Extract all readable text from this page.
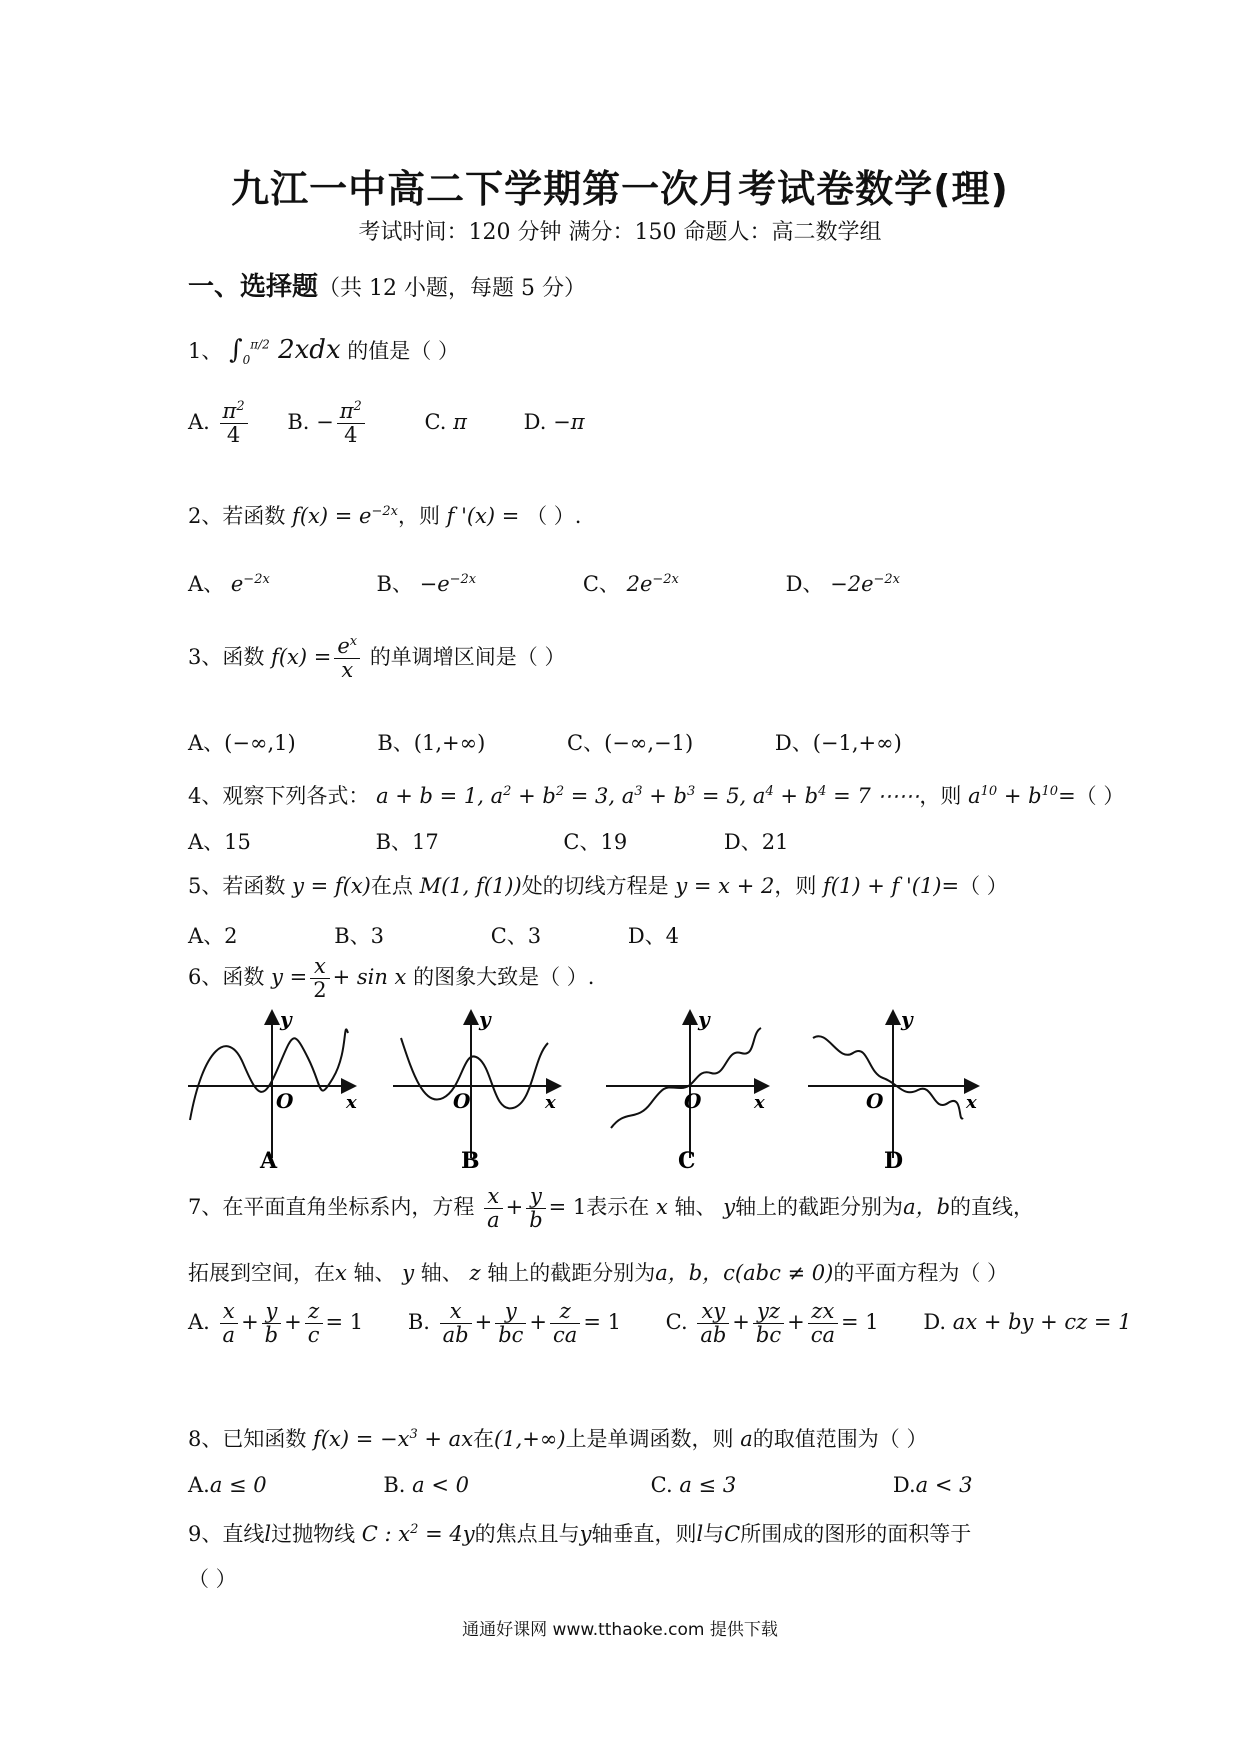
九江一中高二下学期第一次月考试卷数学(理)
考试时间：120 分钟 满分：150 命题人：高二数学组
一、选择题（共 12 小题，每题 5 分）
1、 $\int_0^{\pi/2}$ 2xdx 的值是（ ）
A. $\frac{\pi^2}{4} B$. − $\frac{\pi^2}{4}$	C. π	D. −π
2、若函数 $f(x) = e^{-2x}$，则 f '(x) = （ ）.
A、 $e^{-2x}$	B、 $-e^{-2x}$	C、 $2e^{-2x}$	D、 $-2e^{-2x}$
3、函数 $f(x) = \frac{e^x}{x}$ 的单调增区间是（ ）
A、(−∞,1)	B、(1,+∞)	C、(−∞,−1)	D、(−1,+∞)
4、观察下列各式： a + b = 1, $a^2 + b^2 = 3$, $a^3 + b^3 = 5$, $a^4 + b^4 = 7$ ⋯⋯，则 $a^{10} + b^{10}=$（ ）
A、15	B、17	C、19	D、21
5、若函数 y = f(x)在点 M(1, f(1))处的切线方程是 y = x + 2，则 f(1) + f '(1)=（ ）
A、2	B、3	C、3	D、4
6、函数 $y = \frac{x}{2} + \sin x$ 的图象大致是（ ）.
y
O	x
A
y
O	x
B
y
O	x
C
y
O	x
D
7、在平面直角坐标系内，方程 $\frac{x}{a} + \frac{y}{b} = 1$表示在 x 轴、 y轴上的截距分别为a，b的直线，
拓展到空间，在x 轴、 y 轴、 z 轴上的截距分别为a，b，c(abc ≠ 0)的平面方程为（ ）
A. $\frac{x}{a} + \frac{y}{b} + \frac{z}{c} = 1$ B. $\frac{x}{ab} + \frac{y}{bc} + \frac{z}{ca} = 1$ C. $\frac{xy}{ab} + \frac{yz}{bc} + \frac{zx}{ca} = 1$ D. ax + by + cz = 1
8、已知函数 $f(x) = -x^3$ + ax在(1,+∞)上是单调函数，则 a的取值范围为（ ）
A.a ≤ 0	B. a < 0	C. a ≤ 3	D.a < 3
9、直线l过抛物线 C : $x^2 = 4y$的焦点且与y轴垂直，则l与C所围成的图形的面积等于
（ ）
通通好课网 www.tthaoke.com 提供下载
